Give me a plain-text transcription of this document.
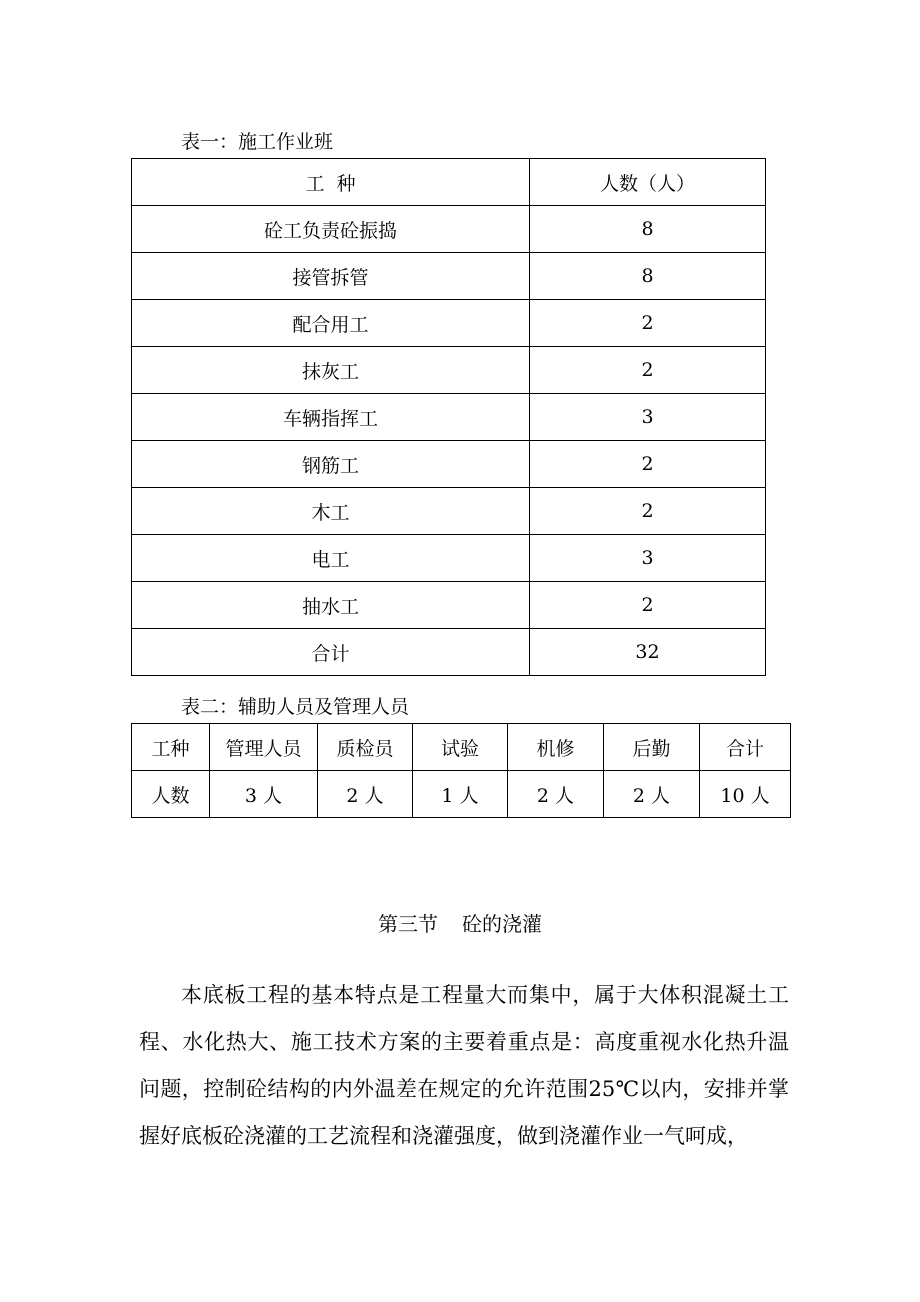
表一：施工作业班
工  种	人数（人）
砼工负责砼振捣	8
接管拆管	8
配合用工	2
抹灰工	2
车辆指挥工	3
钢筋工	2
木工	2
电工	3
抽水工	2
合计	32
表二：辅助人员及管理人员
工种	管理人员	质检员	试验	机修	后勤	合计
人数	3 人	2 人	1 人	2 人	2 人	10 人
第三节 砼的浇灌
本底板工程的基本特点是工程量大而集中，属于大体积混凝土工程、水化热大、施工技术方案的主要着重点是：高度重视水化热升温问题，控制砼结构的内外温差在规定的允许范围25℃以内，安排并掌握好底板砼浇灌的工艺流程和浇灌强度，做到浇灌作业一气呵成，
